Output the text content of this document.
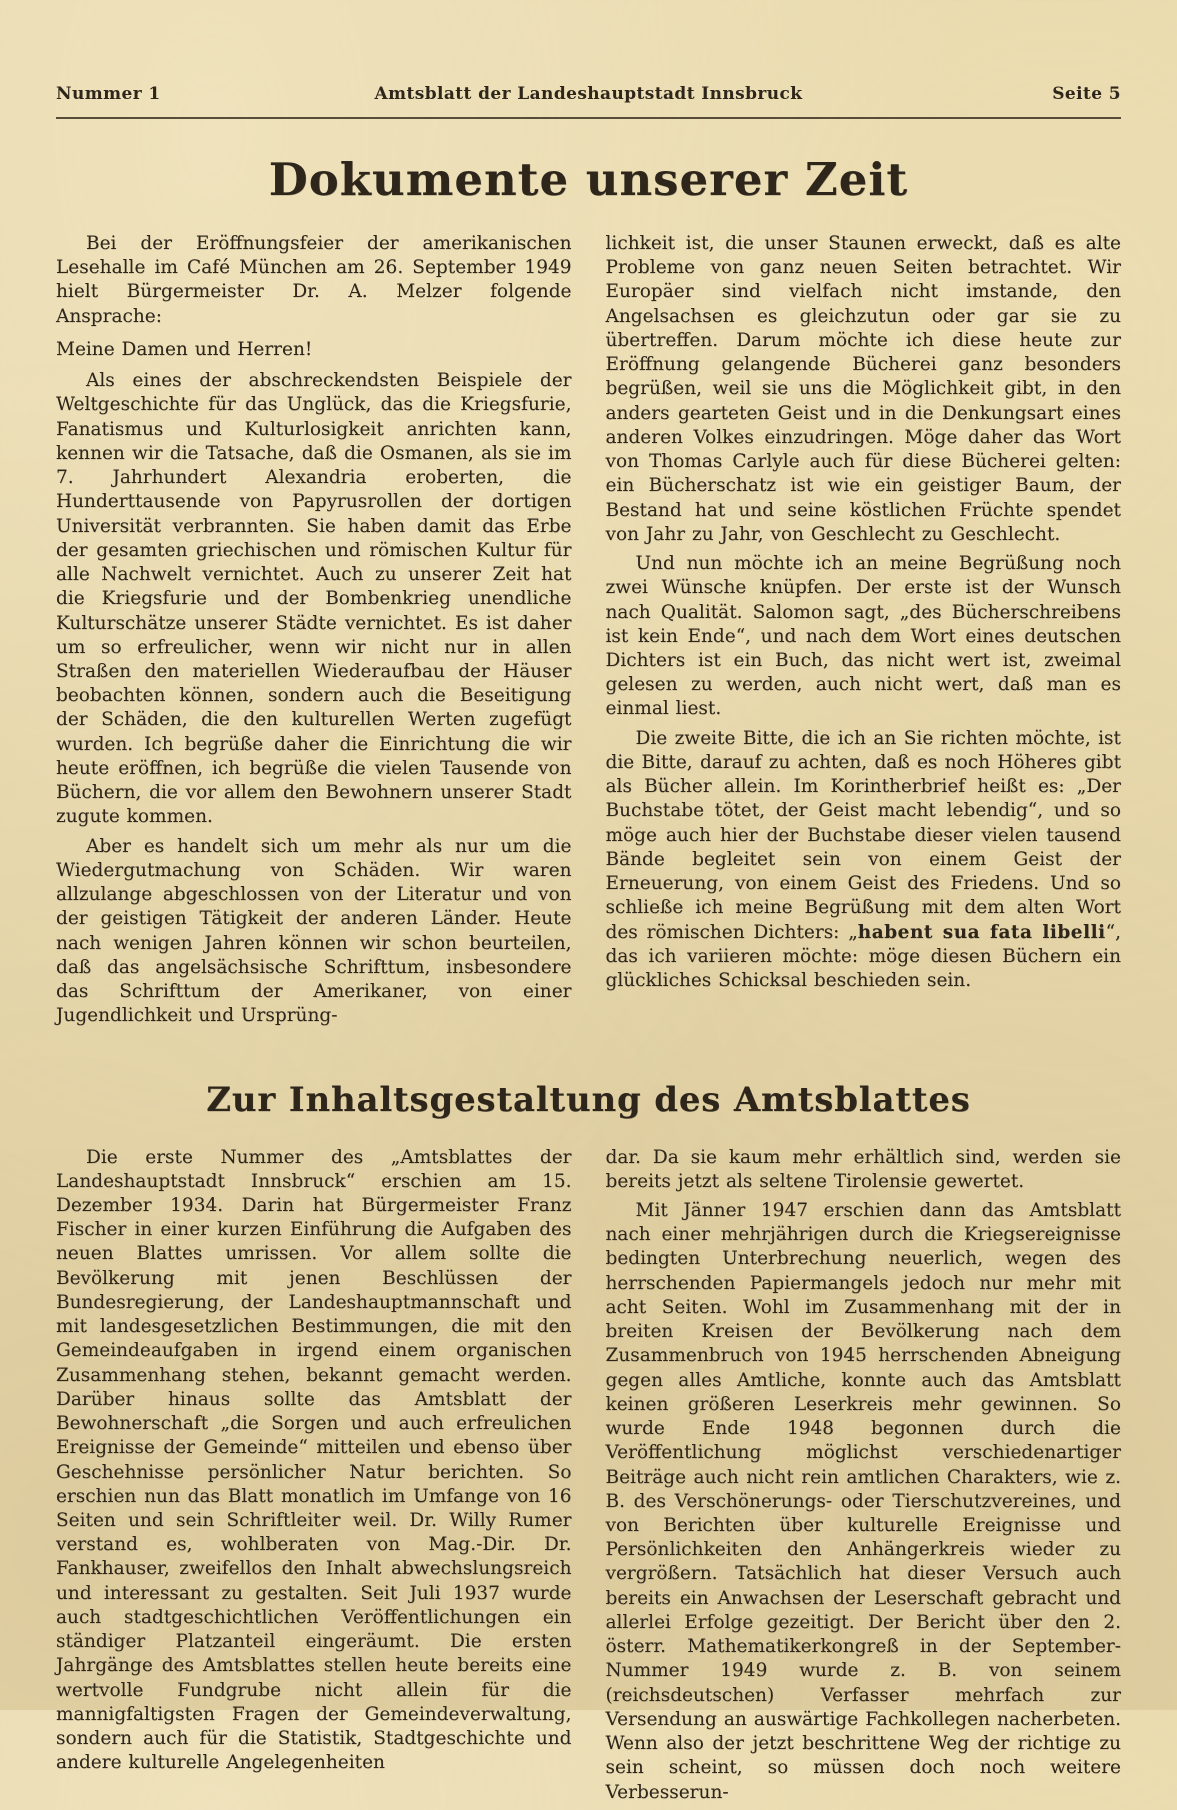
Nummer 1	Amtsblatt der Landeshauptstadt Innsbruck	Seite 5
Dokumente unserer Zeit

Bei der Eröffnungsfeier der amerikanischen Lesehalle im Café München am 26. September 1949 hielt Bürgermeister Dr. A. Melzer folgende Ansprache:

Meine Damen und Herren!

Als eines der abschreckendsten Beispiele der Weltgeschichte für das Unglück, das die Kriegsfurie, Fanatismus und Kulturlosigkeit anrichten kann, kennen wir die Tatsache, daß die Osmanen, als sie im 7. Jahrhundert Alexandria eroberten, die Hunderttausende von Papyrusrollen der dortigen Universität verbrannten. Sie haben damit das Erbe der gesamten griechischen und römischen Kultur für alle Nachwelt vernichtet. Auch zu unserer Zeit hat die Kriegsfurie und der Bombenkrieg unendliche Kulturschätze unserer Städte vernichtet. Es ist daher um so erfreulicher, wenn wir nicht nur in allen Straßen den materiellen Wiederaufbau der Häuser beobachten können, sondern auch die Beseitigung der Schäden, die den kulturellen Werten zugefügt wurden. Ich begrüße daher die Einrichtung die wir heute eröffnen, ich begrüße die vielen Tausende von Büchern, die vor allem den Bewohnern unserer Stadt zugute kommen.

Aber es handelt sich um mehr als nur um die Wiedergutmachung von Schäden. Wir waren allzulange abgeschlossen von der Literatur und von der geistigen Tätigkeit der anderen Länder. Heute nach wenigen Jahren können wir schon beurteilen, daß das angelsächsische Schrifttum, insbesondere das Schrifttum der Amerikaner, von einer Jugendlichkeit und Ursprüng-

lichkeit ist, die unser Staunen erweckt, daß es alte Probleme von ganz neuen Seiten betrachtet. Wir Europäer sind vielfach nicht imstande, den Angelsachsen es gleichzutun oder gar sie zu übertreffen. Darum möchte ich diese heute zur Eröffnung gelangende Bücherei ganz besonders begrüßen, weil sie uns die Möglichkeit gibt, in den anders gearteten Geist und in die Denkungsart eines anderen Volkes einzudringen. Möge daher das Wort von Thomas Carlyle auch für diese Bücherei gelten: ein Bücherschatz ist wie ein geistiger Baum, der Bestand hat und seine köstlichen Früchte spendet von Jahr zu Jahr, von Geschlecht zu Geschlecht.

Und nun möchte ich an meine Begrüßung noch zwei Wünsche knüpfen. Der erste ist der Wunsch nach Qualität. Salomon sagt, „des Bücherschreibens ist kein Ende“, und nach dem Wort eines deutschen Dichters ist ein Buch, das nicht wert ist, zweimal gelesen zu werden, auch nicht wert, daß man es einmal liest.

Die zweite Bitte, die ich an Sie richten möchte, ist die Bitte, darauf zu achten, daß es noch Höheres gibt als Bücher allein. Im Korintherbrief heißt es: „Der Buchstabe tötet, der Geist macht lebendig“, und so möge auch hier der Buchstabe dieser vielen tausend Bände begleitet sein von einem Geist der Erneuerung, von einem Geist des Friedens. Und so schließe ich meine Begrüßung mit dem alten Wort des römischen Dichters: „habent sua fata libelli“, das ich variieren möchte: möge diesen Büchern ein glückliches Schicksal beschieden sein.

Zur Inhaltsgestaltung des Amtsblattes

Die erste Nummer des „Amtsblattes der Landeshauptstadt Innsbruck“ erschien am 15. Dezember 1934. Darin hat Bürgermeister Franz Fischer in einer kurzen Einführung die Aufgaben des neuen Blattes umrissen. Vor allem sollte die Bevölkerung mit jenen Beschlüssen der Bundesregierung, der Landeshauptmannschaft und mit landesgesetzlichen Bestimmungen, die mit den Gemeindeaufgaben in irgend einem organischen Zusammenhang stehen, bekannt gemacht werden. Darüber hinaus sollte das Amtsblatt der Bewohnerschaft „die Sorgen und auch erfreulichen Ereignisse der Gemeinde“ mitteilen und ebenso über Geschehnisse persönlicher Natur berichten. So erschien nun das Blatt monatlich im Umfange von 16 Seiten und sein Schriftleiter weil. Dr. Willy Rumer verstand es, wohlberaten von Mag.-Dir. Dr. Fankhauser, zweifellos den Inhalt abwechslungsreich und interessant zu gestalten. Seit Juli 1937 wurde auch stadtgeschichtlichen Veröffentlichungen ein ständiger Platzanteil eingeräumt. Die ersten Jahrgänge des Amtsblattes stellen heute bereits eine wertvolle Fundgrube nicht allein für die mannigfaltigsten Fragen der Gemeindeverwaltung, sondern auch für die Statistik, Stadtgeschichte und andere kulturelle Angelegenheiten

dar. Da sie kaum mehr erhältlich sind, werden sie bereits jetzt als seltene Tirolensie gewertet.

Mit Jänner 1947 erschien dann das Amtsblatt nach einer mehrjährigen durch die Kriegsereignisse bedingten Unterbrechung neuerlich, wegen des herrschenden Papiermangels jedoch nur mehr mit acht Seiten. Wohl im Zusammenhang mit der in breiten Kreisen der Bevölkerung nach dem Zusammenbruch von 1945 herrschenden Abneigung gegen alles Amtliche, konnte auch das Amtsblatt keinen größeren Leserkreis mehr gewinnen. So wurde Ende 1948 begonnen durch die Veröffentlichung möglichst verschiedenartiger Beiträge auch nicht rein amtlichen Charakters, wie z. B. des Verschönerungs- oder Tierschutzvereines, und von Berichten über kulturelle Ereignisse und Persönlichkeiten den Anhängerkreis wieder zu vergrößern. Tatsächlich hat dieser Versuch auch bereits ein Anwachsen der Leserschaft gebracht und allerlei Erfolge gezeitigt. Der Bericht über den 2. österr. Mathematikerkongreß in der September-Nummer 1949 wurde z. B. von seinem (reichsdeutschen) Verfasser mehrfach zur Versendung an auswärtige Fachkollegen nacherbeten. Wenn also der jetzt beschrittene Weg der richtige zu sein scheint, so müssen doch noch weitere Verbesserun-
